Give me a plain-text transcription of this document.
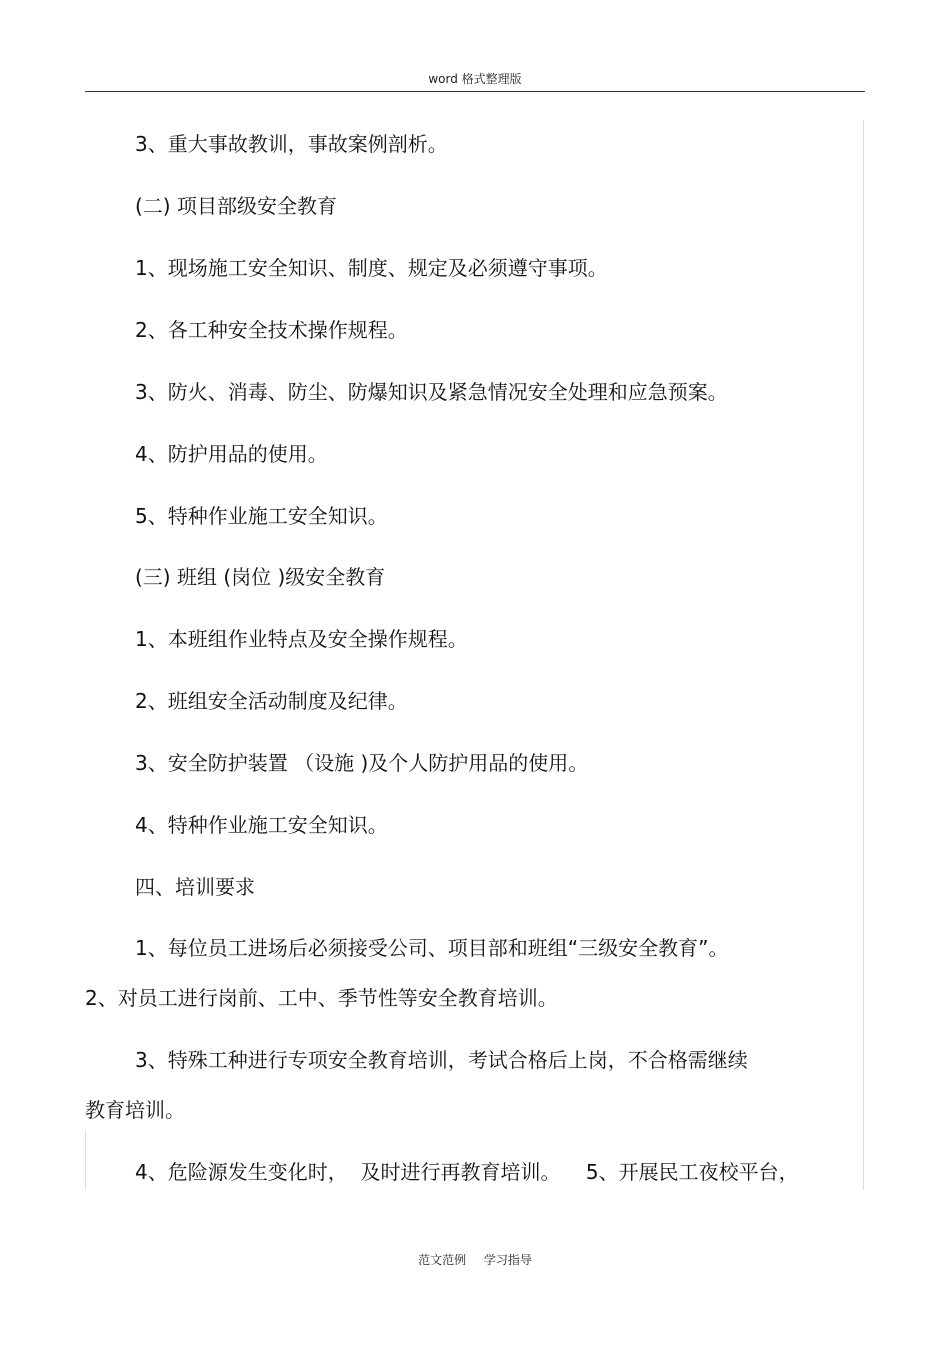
word 格式整理版
3、重大事故教训，事故案例剖析。
(二) 项目部级安全教育
1、现场施工安全知识、制度、规定及必须遵守事项。
2、各工种安全技术操作规程。
3、防火、消毒、防尘、防爆知识及紧急情况安全处理和应急预案。
4、防护用品的使用。
5、特种作业施工安全知识。
(三) 班组 (岗位 )级安全教育
1、本班组作业特点及安全操作规程。
2、班组安全活动制度及纪律。
3、安全防护装置 （设施 )及个人防护用品的使用。
4、特种作业施工安全知识。
四、培训要求
1、每位员工进场后必须接受公司、项目部和班组“三级安全教育”。
2、对员工进行岗前、工中、季节性等安全教育培训。
3、特殊工种进行专项安全教育培训，考试合格后上岗，不合格需继续
教育培训。
4、危险源发生变化时，  及时进行再教育培训。    5、开展民工夜校平台，
范文范例 学习指导
